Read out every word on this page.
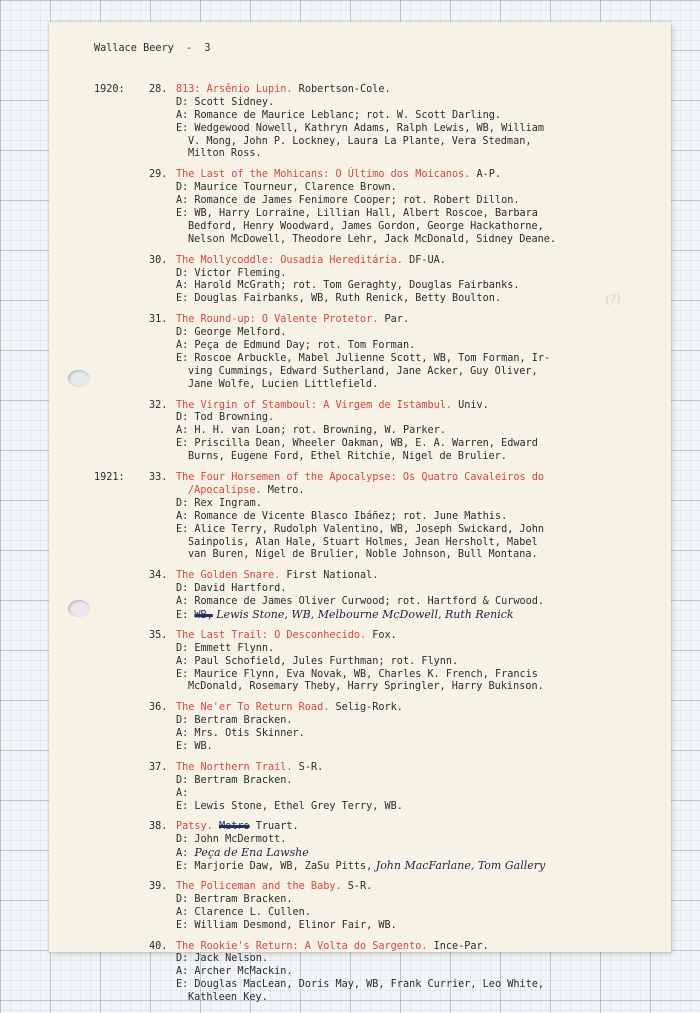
(?)
Wallace Beery  -  3
1920: 28. 813: Arsênio Lupin. Robertson-Cole.
D: Scott Sidney.
A: Romance de Maurice Leblanc; rot. W. Scott Darling.
E: Wedgewood Nowell, Kathryn Adams, Ralph Lewis, WB, William
V. Mong, John P. Lockney, Laura La Plante, Vera Stedman,
Milton Ross.
29. The Last of the Mohicans: O Último dos Moicanos. A-P.
D: Maurice Tourneur, Clarence Brown.
A: Romance de James Fenimore Cooper; rot. Robert Dillon.
E: WB, Harry Lorraine, Lillian Hall, Albert Roscoe, Barbara
Bedford, Henry Woodward, James Gordon, George Hackathorne,
Nelson McDowell, Theodore Lehr, Jack McDonald, Sidney Deane.
30. The Mollycoddle: Ousadia Hereditária. DF-UA.
D: Victor Fleming.
A: Harold McGrath; rot. Tom Geraghty, Douglas Fairbanks.
E: Douglas Fairbanks, WB, Ruth Renick, Betty Boulton.
31. The Round-up: O Valente Protetor. Par.
D: George Melford.
A: Peça de Edmund Day; rot. Tom Forman.
E: Roscoe Arbuckle, Mabel Julienne Scott, WB, Tom Forman, Ir-
ving Cummings, Edward Sutherland, Jane Acker, Guy Oliver,
Jane Wolfe, Lucien Littlefield.
32. The Virgin of Stamboul: A Virgem de Istambul. Univ.
D: Tod Browning.
A: H. H. van Loan; rot. Browning, W. Parker.
E: Priscilla Dean, Wheeler Oakman, WB, E. A. Warren, Edward
Burns, Eugene Ford, Ethel Ritchie, Nigel de Brulier.
1921: 33. The Four Horsemen of the Apocalypse: Os Quatro Cavaleiros do
/Apocalipse. Metro.
D: Rex Ingram.
A: Romance de Vicente Blasco Ibáñez; rot. June Mathis.
E: Alice Terry, Rudolph Valentino, WB, Joseph Swickard, John
Sainpolis, Alan Hale, Stuart Holmes, Jean Hersholt, Mabel
van Buren, Nigel de Brulier, Noble Johnson, Bull Montana.
34. The Golden Snare. First National.
D: David Hartford.
A: Romance de James Oliver Curwood; rot. Hartford & Curwood.
E: WB, Lewis Stone, WB, Melbourne McDowell, Ruth Renick
35. The Last Trail: O Desconhecido. Fox.
D: Emmett Flynn.
A: Paul Schofield, Jules Furthman; rot. Flynn.
E: Maurice Flynn, Eva Novak, WB, Charles K. French, Francis
McDonald, Rosemary Theby, Harry Springler, Harry Bukinson.
36. The Ne'er To Return Road. Selig-Rork.
D: Bertram Bracken.
A: Mrs. Otis Skinner.
E: WB.
37. The Northern Trail. S-R.
D: Bertram Bracken.
A:
E: Lewis Stone, Ethel Grey Terry, WB.
38. Patsy. Metro Truart.
D: John McDermott.
A: Peça de Ena Lawshe
E: Marjorie Daw, WB, ZaSu Pitts, John MacFarlane, Tom Gallery
39. The Policeman and the Baby. S-R.
D: Bertram Bracken.
A: Clarence L. Cullen.
E: William Desmond, Elinor Fair, WB.
40. The Rookie's Return: A Volta do Sargento. Ince-Par.
D: Jack Nelson.
A: Archer McMackin.
E: Douglas MacLean, Doris May, WB, Frank Currier, Leo White,
Kathleen Key.
